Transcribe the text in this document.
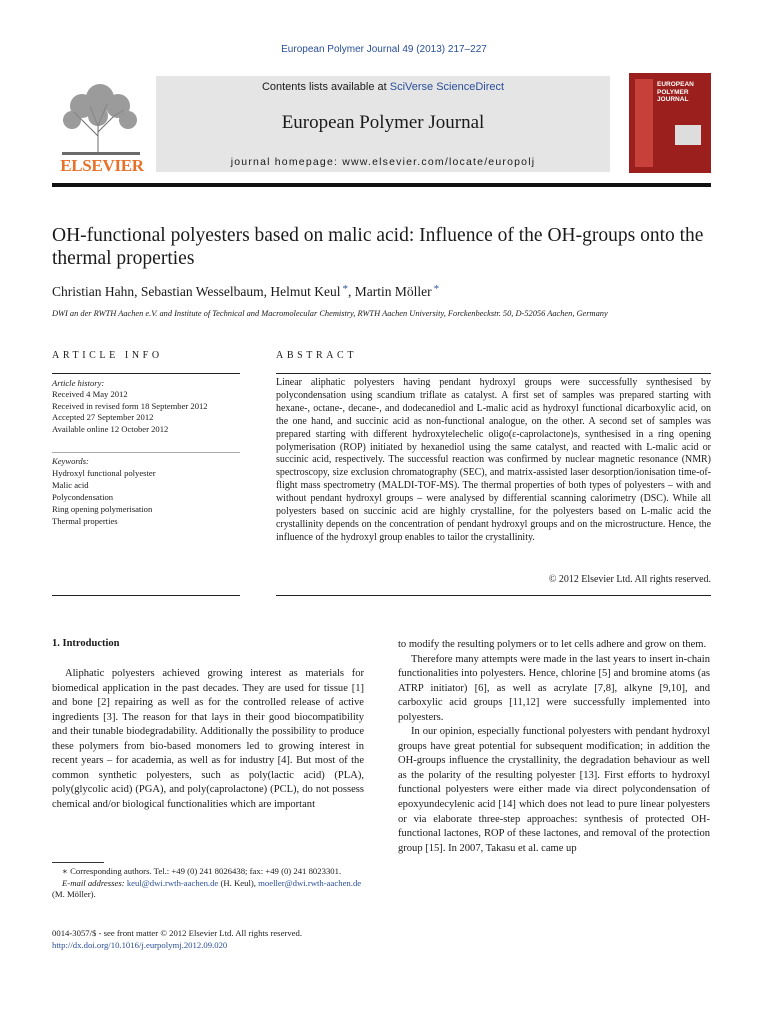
European Polymer Journal 49 (2013) 217–227
ELSEVIER
Contents lists available at SciVerse ScienceDirect
European Polymer Journal
journal homepage: www.elsevier.com/locate/europolj
EUROPEAN POLYMER JOURNAL
OH-functional polyesters based on malic acid: Influence of the OH-groups onto the thermal properties
Christian Hahn, Sebastian Wesselbaum, Helmut Keul *, Martin Möller *
DWI an der RWTH Aachen e.V. and Institute of Technical and Macromolecular Chemistry, RWTH Aachen University, Forckenbeckstr. 50, D-52056 Aachen, Germany
ARTICLE INFO	ABSTRACT
Article history:
Received 4 May 2012
Received in revised form 18 September 2012
Accepted 27 September 2012
Available online 12 October 2012
Keywords:
Hydroxyl functional polyester
Malic acid
Polycondensation
Ring opening polymerisation
Thermal properties
Linear aliphatic polyesters having pendant hydroxyl groups were successfully synthesised by polycondensation using scandium triflate as catalyst. A first set of samples was prepared starting with hexane-, octane-, decane-, and dodecanediol and L-malic acid as hydroxyl functional dicarboxylic acid, on the one hand, and succinic acid as non-functional analogue, on the other. A second set of samples was prepared starting with different hydroxytelechelic oligo(ε-caprolactone)s, synthesised in a ring opening polymerisation (ROP) initiated by hexanediol using the same catalyst, and reacted with L-malic acid or succinic acid, respectively. The successful reaction was confirmed by nuclear magnetic resonance (NMR) spectroscopy, size exclusion chromatography (SEC), and matrix-assisted laser desorption/ionisation time-of-flight mass spectrometry (MALDI-TOF-MS). The thermal properties of both types of polyesters – with and without pendant hydroxyl groups – were analysed by differential scanning calorimetry (DSC). While all polyesters based on succinic acid are highly crystalline, for the polyesters based on L-malic acid the crystallinity depends on the concentration of pendant hydroxyl groups and on the microstructure. Hence, the influence of the hydroxyl group enables to tailor the crystallinity.
© 2012 Elsevier Ltd. All rights reserved.
1. Introduction

Aliphatic polyesters achieved growing interest as materials for biomedical application in the past decades. They are used for tissue [1] and bone [2] repairing as well as for the controlled release of active ingredients [3]. The reason for that lays in their good biocompatibility and their tunable biodegradability. Additionally the possibility to produce these polymers from bio-based monomers led to growing interest in recent years – for academia, as well as for industry [4]. But most of the common synthetic polyesters, such as poly(lactic acid) (PLA), poly(glycolic acid) (PGA), and poly(caprolactone) (PCL), do not possess chemical and/or biological functionalities which are important

to modify the resulting polymers or to let cells adhere and grow on them.

Therefore many attempts were made in the last years to insert in-chain functionalities into polyesters. Hence, chlorine [5] and bromine atoms (as ATRP initiator) [6], as well as acrylate [7,8], alkyne [9,10], and carboxylic acid groups [11,12] were successfully implemented into polyesters.

In our opinion, especially functional polyesters with pendant hydroxyl groups have great potential for subsequent modification; in addition the OH-groups influence the crystallinity, the degradation behaviour as well as the polarity of the resulting polyester [13]. First efforts to hydroxyl functional polyesters were either made via direct polycondensation of epoxyundecylenic acid [14] which does not lead to pure linear polyesters or via elaborate three-step approaches: synthesis of protected OH-functional lactones, ROP of these lactones, and removal of the protection group [15]. In 2007, Takasu et al. came up

∗ Corresponding authors. Tel.: +49 (0) 241 8026438; fax: +49 (0) 241 8023301.

E-mail addresses: keul@dwi.rwth-aachen.de (H. Keul), moeller@dwi.rwth-aachen.de (M. Möller).

0014-3057/$ - see front matter © 2012 Elsevier Ltd. All rights reserved.
http://dx.doi.org/10.1016/j.eurpolymj.2012.09.020
